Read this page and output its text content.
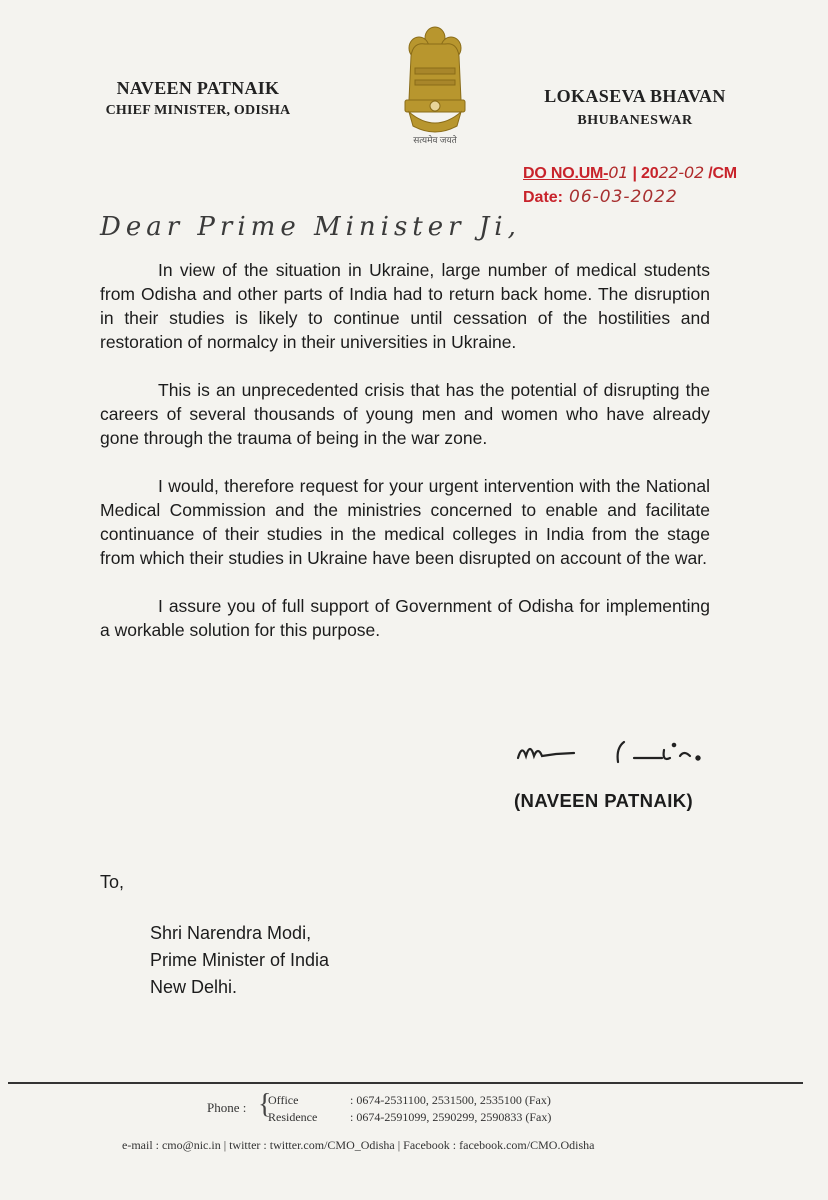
NAVEEN PATNAIK
CHIEF MINISTER, ODISHA
सत्यमेव जयते
LOKASEVA BHAVAN
BHUBANESWAR
DO NO.UM-01 | 2022-02 /CM
Date: 06-03-2022
Dear Prime Minister Ji,

In view of the situation in Ukraine, large number of medical students from Odisha and other parts of India had to return back home. The disruption in their studies is likely to continue until cessation of the hostilities and restoration of normalcy in their universities in Ukraine.

This is an unprecedented crisis that has the potential of disrupting the careers of several thousands of young men and women who have already gone through the trauma of being in the war zone.

I would, therefore request for your urgent intervention with the National Medical Commission and the ministries concerned to enable and facilitate continuance of their studies in the medical colleges in India from the stage from which their studies in Ukraine have been disrupted on account of the war.

I assure you of full support of Government of Odisha for implementing a workable solution for this purpose.

(NAVEEN PATNAIK)
To,
Shri Narendra Modi,
Prime Minister of India
New Delhi.
Phone : {
Office	: 0674-2531100, 2531500, 2535100 (Fax)
Residence	: 0674-2591099, 2590299, 2590833 (Fax)
e-mail : cmo@nic.in | twitter : twitter.com/CMO_Odisha | Facebook : facebook.com/CMO.Odisha
